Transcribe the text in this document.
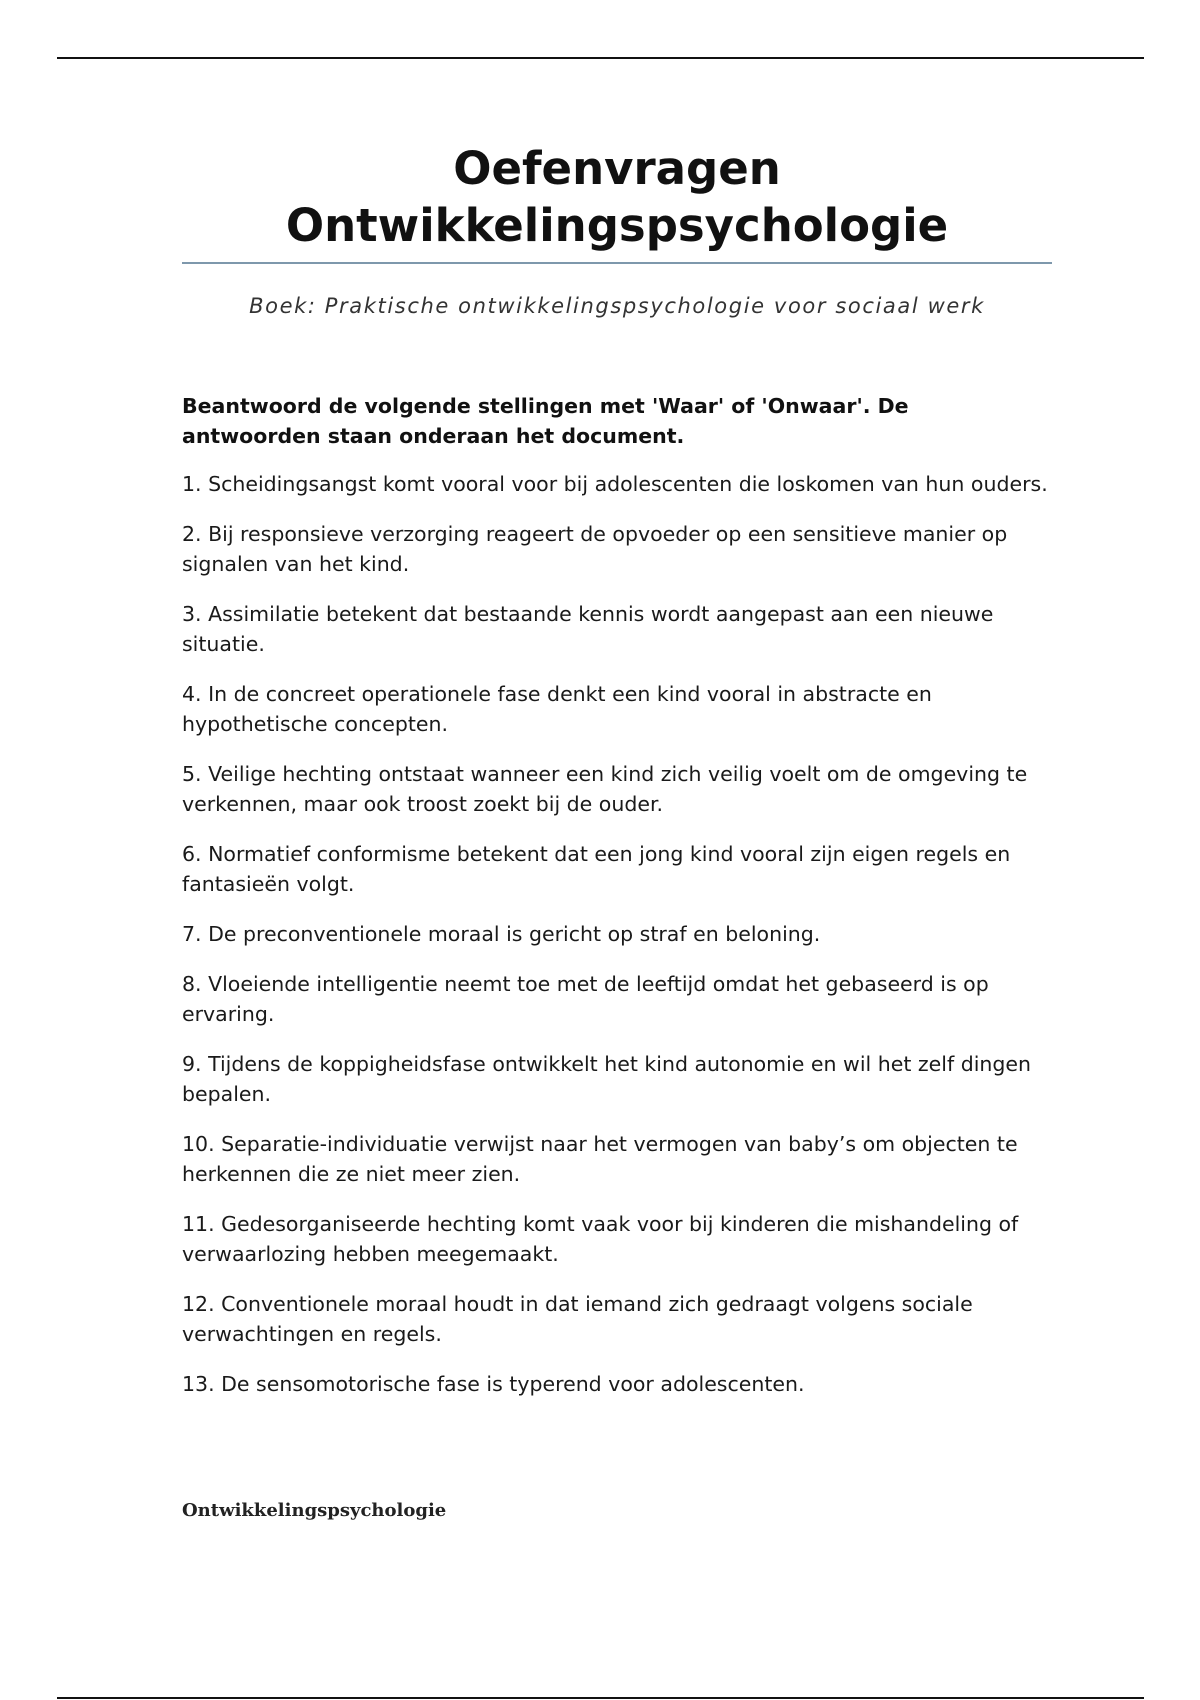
Oefenvragen
Ontwikkelingspsychologie
Boek: Praktische ontwikkelingspsychologie voor sociaal werk
Beantwoord de volgende stellingen met 'Waar' of 'Onwaar'. De antwoorden staan onderaan het document.
1. Scheidingsangst komt vooral voor bij adolescenten die loskomen van hun ouders.
2. Bij responsieve verzorging reageert de opvoeder op een sensitieve manier op signalen van het kind.
3. Assimilatie betekent dat bestaande kennis wordt aangepast aan een nieuwe situatie.
4. In de concreet operationele fase denkt een kind vooral in abstracte en hypothetische concepten.
5. Veilige hechting ontstaat wanneer een kind zich veilig voelt om de omgeving te verkennen, maar ook troost zoekt bij de ouder.
6. Normatief conformisme betekent dat een jong kind vooral zijn eigen regels en fantasieën volgt.
7. De preconventionele moraal is gericht op straf en beloning.
8. Vloeiende intelligentie neemt toe met de leeftijd omdat het gebaseerd is op ervaring.
9. Tijdens de koppigheidsfase ontwikkelt het kind autonomie en wil het zelf dingen bepalen.
10. Separatie-individuatie verwijst naar het vermogen van baby’s om objecten te herkennen die ze niet meer zien.
11. Gedesorganiseerde hechting komt vaak voor bij kinderen die mishandeling of verwaarlozing hebben meegemaakt.
12. Conventionele moraal houdt in dat iemand zich gedraagt volgens sociale verwachtingen en regels.
13. De sensomotorische fase is typerend voor adolescenten.
Ontwikkelingspsychologie
